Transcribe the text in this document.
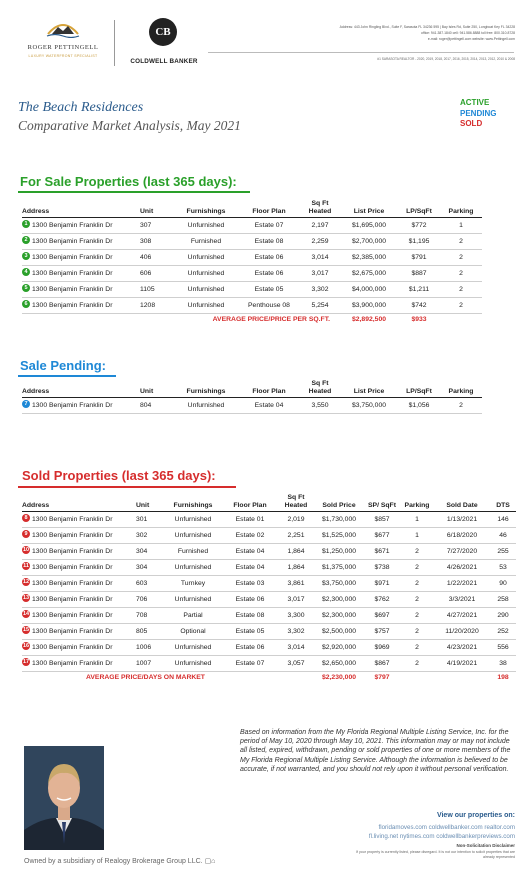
ROGER PETTINGELL
LUXURY WATERFRONT SPECIALIST
CB
COLDWELL BANKER
Address: 443 John Ringling Blvd., Suite F, Sarasota FL 34236 595 | Bay Isles Rd, Suite 250, Longboat Key FL 34228
office: 941.387.1840 cell: 941.586.8888 toll free: 800.310.8728
e-mail: roger@pettingell.com website: www.Pettingell.com
#1 SARASOTA REALTOR - 2020, 2019, 2018, 2017, 2016, 2015, 2014, 2013, 2012, 2010 & 2008
The Beach Residences
Comparative Market Analysis, May 2021
ACTIVE
PENDING
SOLD
For Sale Properties (last 365 days):
Address	Unit	Furnishings	Floor Plan	Sq Ft Heated	List Price	LP/SqFt	Parking
1 1300 Benjamin Franklin Dr	307	Unfurnished	Estate 07	2,197	$1,695,000	$772	1
2 1300 Benjamin Franklin Dr	308	Furnished	Estate 08	2,259	$2,700,000	$1,195	2
3 1300 Benjamin Franklin Dr	406	Unfurnished	Estate 06	3,014	$2,385,000	$791	2
4 1300 Benjamin Franklin Dr	606	Unfurnished	Estate 06	3,017	$2,675,000	$887	2
5 1300 Benjamin Franklin Dr	1105	Unfurnished	Estate 05	3,302	$4,000,000	$1,211	2
6 1300 Benjamin Franklin Dr	1208	Unfurnished	Penthouse 08	5,254	$3,900,000	$742	2
AVERAGE PRICE/PRICE PER SQ.FT.					$2,892,500	$933	
Sale Pending:
Address	Unit	Furnishings	Floor Plan	Sq Ft Heated	List Price	LP/SqFt	Parking
7 1300 Benjamin Franklin Dr	804	Unfurnished	Estate 04	3,550	$3,750,000	$1,056	2
Sold Properties (last 365 days):
Address	Unit	Furnishings	Floor Plan	Sq Ft Heated	Sold Price	SP/ SqFt	Parking	Sold Date	DTS
8 1300 Benjamin Franklin Dr	301	Unfurnished	Estate 01	2,019	$1,730,000	$857	1	1/13/2021	146
9 1300 Benjamin Franklin Dr	302	Unfurnished	Estate 02	2,251	$1,525,000	$677	1	6/18/2020	46
10 1300 Benjamin Franklin Dr	304	Furnished	Estate 04	1,864	$1,250,000	$671	2	7/27/2020	255
11 1300 Benjamin Franklin Dr	304	Unfurnished	Estate 04	1,864	$1,375,000	$738	2	4/26/2021	53
12 1300 Benjamin Franklin Dr	603	Turnkey	Estate 03	3,861	$3,750,000	$971	2	1/22/2021	90
13 1300 Benjamin Franklin Dr	706	Unfurnished	Estate 06	3,017	$2,300,000	$762	2	3/3/2021	258
14 1300 Benjamin Franklin Dr	708	Partial	Estate 08	3,300	$2,300,000	$697	2	4/27/2021	290
15 1300 Benjamin Franklin Dr	805	Optional	Estate 05	3,302	$2,500,000	$757	2	11/20/2020	252
16 1300 Benjamin Franklin Dr	1006	Unfurnished	Estate 06	3,014	$2,920,000	$969	2	4/23/2021	556
17 1300 Benjamin Franklin Dr	1007	Unfurnished	Estate 07	3,057	$2,650,000	$867	2	4/19/2021	38
AVERAGE PRICE/DAYS ON MARKET					$2,230,000	$797			198
Based on information from the My Florida Regional Multiple Listing Service, Inc. for the period of May 10, 2020 through May 10, 2021. This information may or may not include all listed, expired, withdrawn, pending or sold properties of one or more members of the My Florida Regional Multiple Listing Service. Although the information is believed to be accurate, if not warranted, and you should not rely upon it without personal verification.
View our properties on:
floridamoves.com coldwellbanker.com realtor.com
fl.living.net nytimes.com coldwellbankerpreviews.com
Non-Solicitation Disclaimer
If your property is currently listed, please disregard. It is not our intention to solicit properties that are already represented
Owned by a subsidiary of Realogy Brokerage Group LLC. ▢⌂
